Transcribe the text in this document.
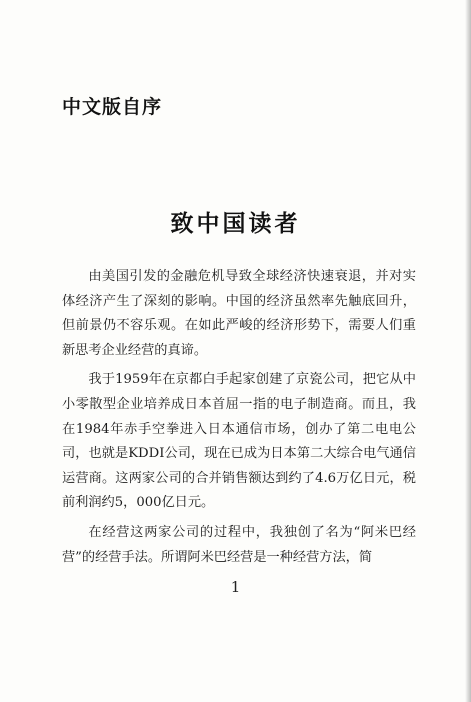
中文版自序
致中国读者

由美国引发的金融危机导致全球经济快速衰退，并对实体经济产生了深刻的影响。中国的经济虽然率先触底回升，但前景仍不容乐观。在如此严峻的经济形势下，需要人们重新思考企业经营的真谛。

我于1959年在京都白手起家创建了京瓷公司，把它从中小零散型企业培养成日本首屈一指的电子制造商。而且，我在1984年赤手空拳进入日本通信市场，创办了第二电电公司，也就是KDDI公司，现在已成为日本第二大综合电气通信运营商。这两家公司的合并销售额达到约了4.6万亿日元，税前利润约5，000亿日元。

在经营这两家公司的过程中，我独创了名为“阿米巴经营”的经营手法。所谓阿米巴经营是一种经营方法，简

1
